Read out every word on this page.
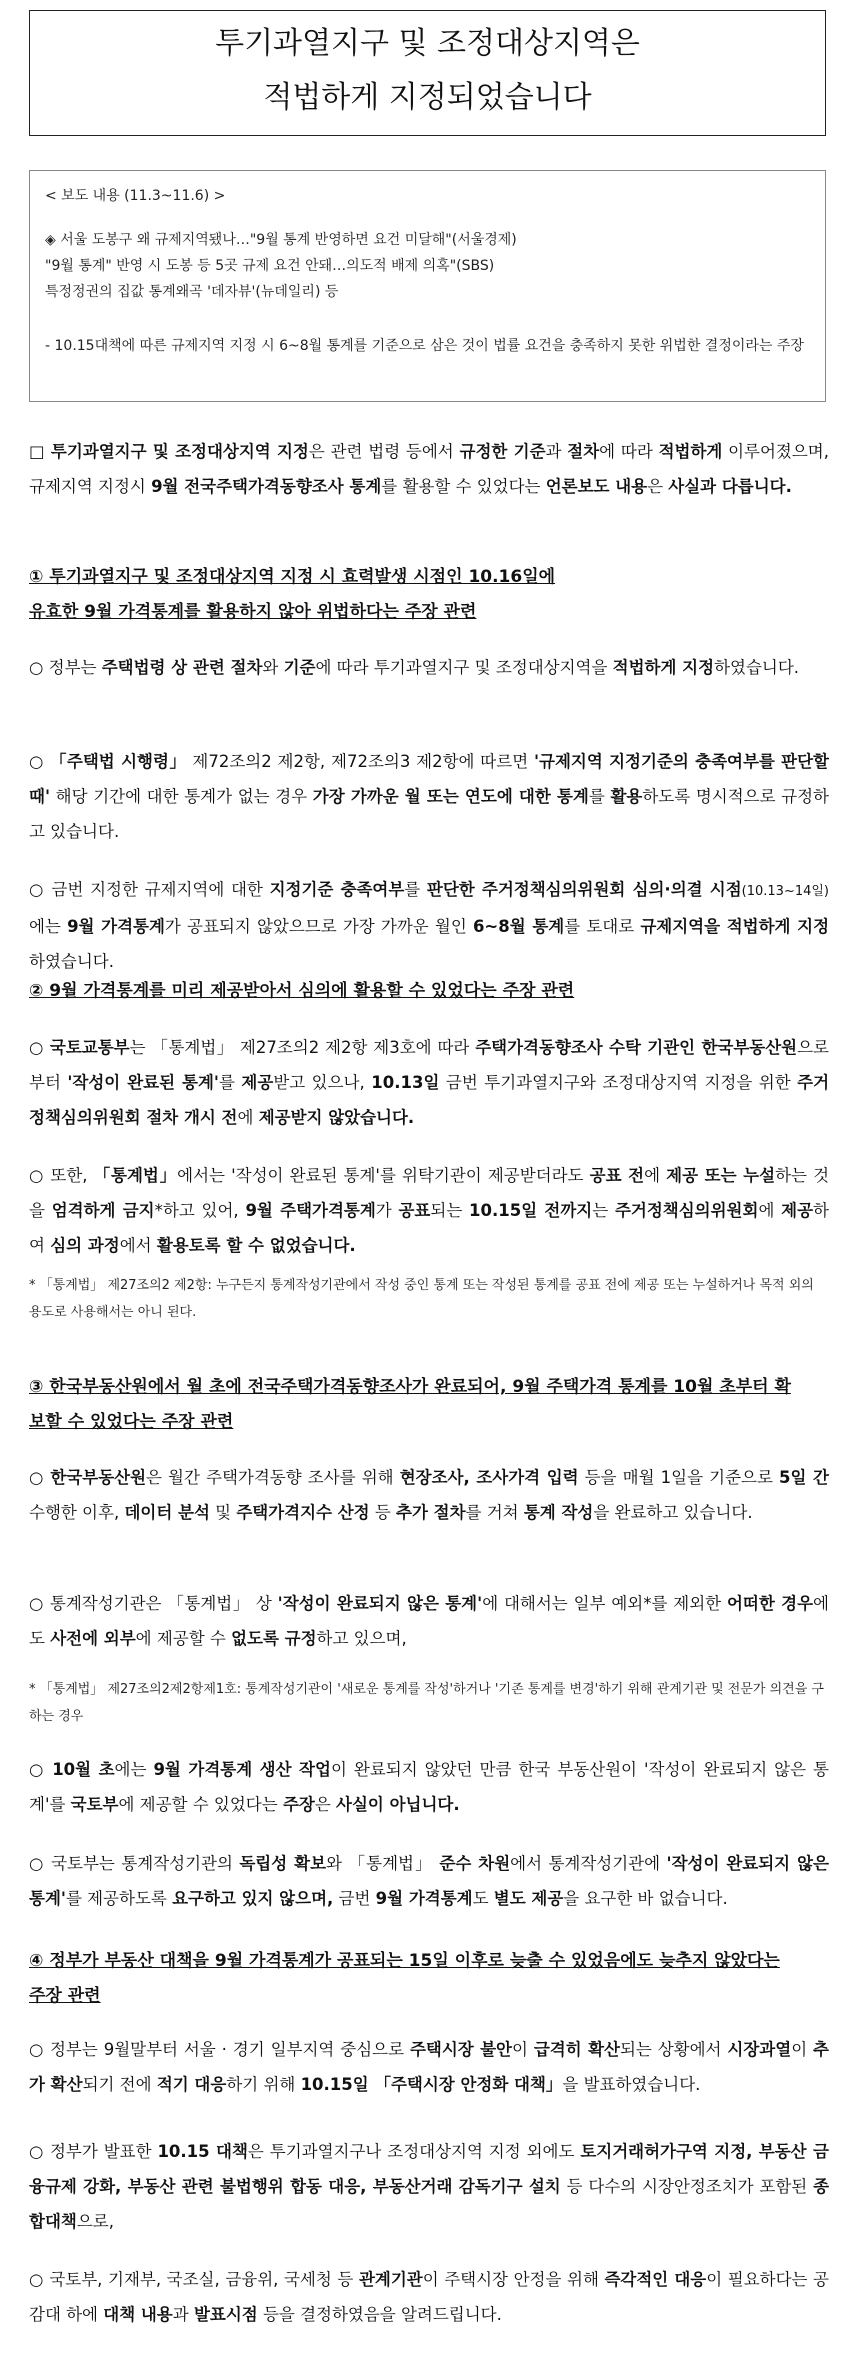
투기과열지구 및 조정대상지역은
적법하게 지정되었습니다
< 보도 내용 (11.3~11.6) >
◈ 서울 도봉구 왜 규제지역됐나…"9월 통계 반영하면 요건 미달해"(서울경제)
"9월 통계" 반영 시 도봉 등 5곳 규제 요건 안돼…의도적 배제 의혹"(SBS)
특정정권의 집값 통계왜곡 '데자뷰'(뉴데일리) 등
- 10.15대책에 따른 규제지역 지정 시 6~8월 통계를 기준으로 삼은 것이 법률 요건을 충족하지 못한 위법한 결정이라는 주장
□ 투기과열지구 및 조정대상지역 지정은 관련 법령 등에서 규정한 기준과 절차에 따라 적법하게 이루어졌으며, 규제지역 지정시 9월 전국주택가격동향조사 통계를 활용할 수 있었다는 언론보도 내용은 사실과 다릅니다.
① 투기과열지구 및 조정대상지역 지정 시 효력발생 시점인 10.16일에
유효한 9월 가격통계를 활용하지 않아 위법하다는 주장 관련
○ 정부는 주택법령 상 관련 절차와 기준에 따라 투기과열지구 및 조정대상지역을 적법하게 지정하였습니다.
○ 「주택법 시행령」 제72조의2 제2항, 제72조의3 제2항에 따르면 '규제지역 지정기준의 충족여부를 판단할 때' 해당 기간에 대한 통계가 없는 경우 가장 가까운 월 또는 연도에 대한 통계를 활용하도록 명시적으로 규정하고 있습니다.
○ 금번 지정한 규제지역에 대한 지정기준 충족여부를 판단한 주거정책심의위원회 심의·의결 시점(10.13~14일)에는 9월 가격통계가 공표되지 않았으므로 가장 가까운 월인 6~8월 통계를 토대로 규제지역을 적법하게 지정하였습니다.
② 9월 가격통계를 미리 제공받아서 심의에 활용할 수 있었다는 주장 관련
○ 국토교통부는 「통계법」 제27조의2 제2항 제3호에 따라 주택가격동향조사 수탁 기관인 한국부동산원으로부터 '작성이 완료된 통계'를 제공받고 있으나, 10.13일 금번 투기과열지구와 조정대상지역 지정을 위한 주거정책심의위원회 절차 개시 전에 제공받지 않았습니다.
○ 또한, 「통계법」에서는 '작성이 완료된 통계'를 위탁기관이 제공받더라도 공표 전에 제공 또는 누설하는 것을 엄격하게 금지*하고 있어, 9월 주택가격통계가 공표되는 10.15일 전까지는 주거정책심의위원회에 제공하여 심의 과정에서 활용토록 할 수 없었습니다.
* 「통계법」 제27조의2 제2항: 누구든지 통계작성기관에서 작성 중인 통계 또는 작성된 통계를 공표 전에 제공 또는 누설하거나 목적 외의 용도로 사용해서는 아니 된다.
③ 한국부동산원에서 월 초에 전국주택가격동향조사가 완료되어, 9월 주택가격 통계를 10월 초부터 확
보할 수 있었다는 주장 관련
○ 한국부동산원은 월간 주택가격동향 조사를 위해 현장조사, 조사가격 입력 등을 매월 1일을 기준으로 5일 간 수행한 이후, 데이터 분석 및 주택가격지수 산정 등 추가 절차를 거쳐 통계 작성을 완료하고 있습니다.
○ 통계작성기관은 「통계법」 상 '작성이 완료되지 않은 통계'에 대해서는 일부 예외*를 제외한 어떠한 경우에도 사전에 외부에 제공할 수 없도록 규정하고 있으며,
* 「통계법」 제27조의2제2항제1호: 통계작성기관이 '새로운 통계를 작성'하거나 '기존 통계를 변경'하기 위해 관계기관 및 전문가 의견을 구하는 경우
○ 10월 초에는 9월 가격통계 생산 작업이 완료되지 않았던 만큼 한국 부동산원이 '작성이 완료되지 않은 통계'를 국토부에 제공할 수 있었다는 주장은 사실이 아닙니다.
○ 국토부는 통계작성기관의 독립성 확보와 「통계법」 준수 차원에서 통계작성기관에 '작성이 완료되지 않은 통계'를 제공하도록 요구하고 있지 않으며, 금번 9월 가격통계도 별도 제공을 요구한 바 없습니다.
④ 정부가 부동산 대책을 9월 가격통계가 공표되는 15일 이후로 늦출 수 있었음에도 늦추지 않았다는
주장 관련
○ 정부는 9월말부터 서울 · 경기 일부지역 중심으로 주택시장 불안이 급격히 확산되는 상황에서 시장과열이 추가 확산되기 전에 적기 대응하기 위해 10.15일 「주택시장 안정화 대책」을 발표하였습니다.
○ 정부가 발표한 10.15 대책은 투기과열지구나 조정대상지역 지정 외에도 토지거래허가구역 지정, 부동산 금융규제 강화, 부동산 관련 불법행위 합동 대응, 부동산거래 감독기구 설치 등 다수의 시장안정조치가 포함된 종합대책으로,
○ 국토부, 기재부, 국조실, 금융위, 국세청 등 관계기관이 주택시장 안정을 위해 즉각적인 대응이 필요하다는 공감대 하에 대책 내용과 발표시점 등을 결정하였음을 알려드립니다.
